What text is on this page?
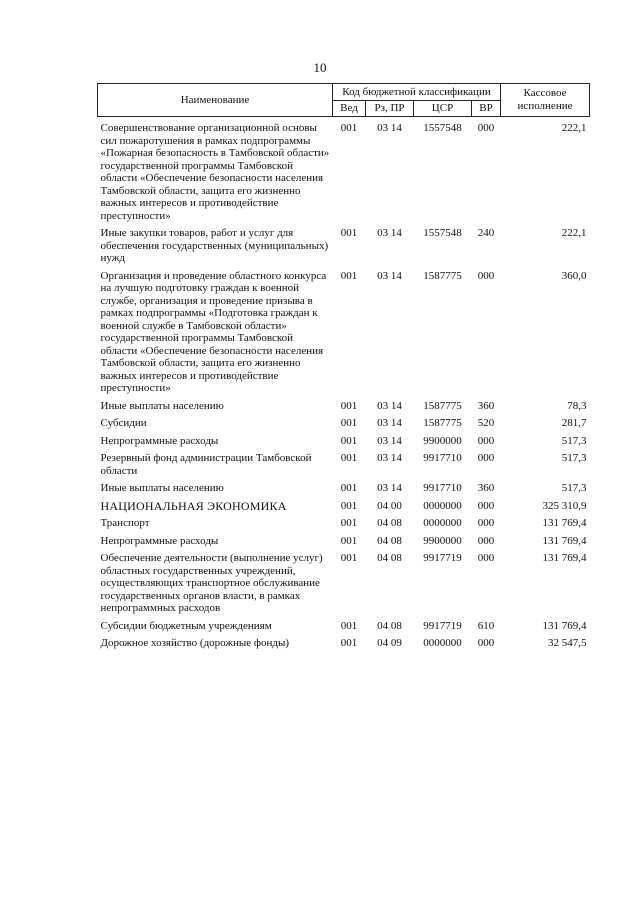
10
Наименование	Код бюджетной классификации				Кассовое исполнение
	Вед	Рз, ПР	ЦСР	ВР	
Совершенствование организационной основы сил пожаротушения в рамках подпрограммы «Пожарная безопасность в Тамбовской области» государственной программы Тамбовской области «Обеспечение безопасности населения Тамбовской области, защита его жизненно важных интересов и противодействие преступности»	001	03 14	1557548	000	222,1
Иные закупки товаров, работ и услуг для обеспечения государственных (муниципальных) нужд	001	03 14	1557548	240	222,1
Организация и проведение областного конкурса на лучшую подготовку граждан к военной службе, организация и проведение призыва в рамках подпрограммы «Подготовка граждан к военной службе в Тамбовской области» государственной программы Тамбовской области «Обеспечение безопасности населения Тамбовской области, защита его жизненно важных интересов и противодействие преступности»	001	03 14	1587775	000	360,0
Иные выплаты населению	001	03 14	1587775	360	78,3
Субсидии	001	03 14	1587775	520	281,7
Непрограммные расходы	001	03 14	9900000	000	517,3
Резервный фонд администрации Тамбовской области	001	03 14	9917710	000	517,3
Иные выплаты населению	001	03 14	9917710	360	517,3
НАЦИОНАЛЬНАЯ ЭКОНОМИКА	001	04 00	0000000	000	325 310,9
Транспорт	001	04 08	0000000	000	131 769,4
Непрограммные расходы	001	04 08	9900000	000	131 769,4
Обеспечение деятельности (выполнение услуг) областных государственных учреждений, осуществляющих транспортное обслуживание государственных органов власти, в рамках непрограммных расходов	001	04 08	9917719	000	131 769,4
Субсидии бюджетным учреждениям	001	04 08	9917719	610	131 769,4
Дорожное хозяйство (дорожные фонды)	001	04 09	0000000	000	32 547,5
